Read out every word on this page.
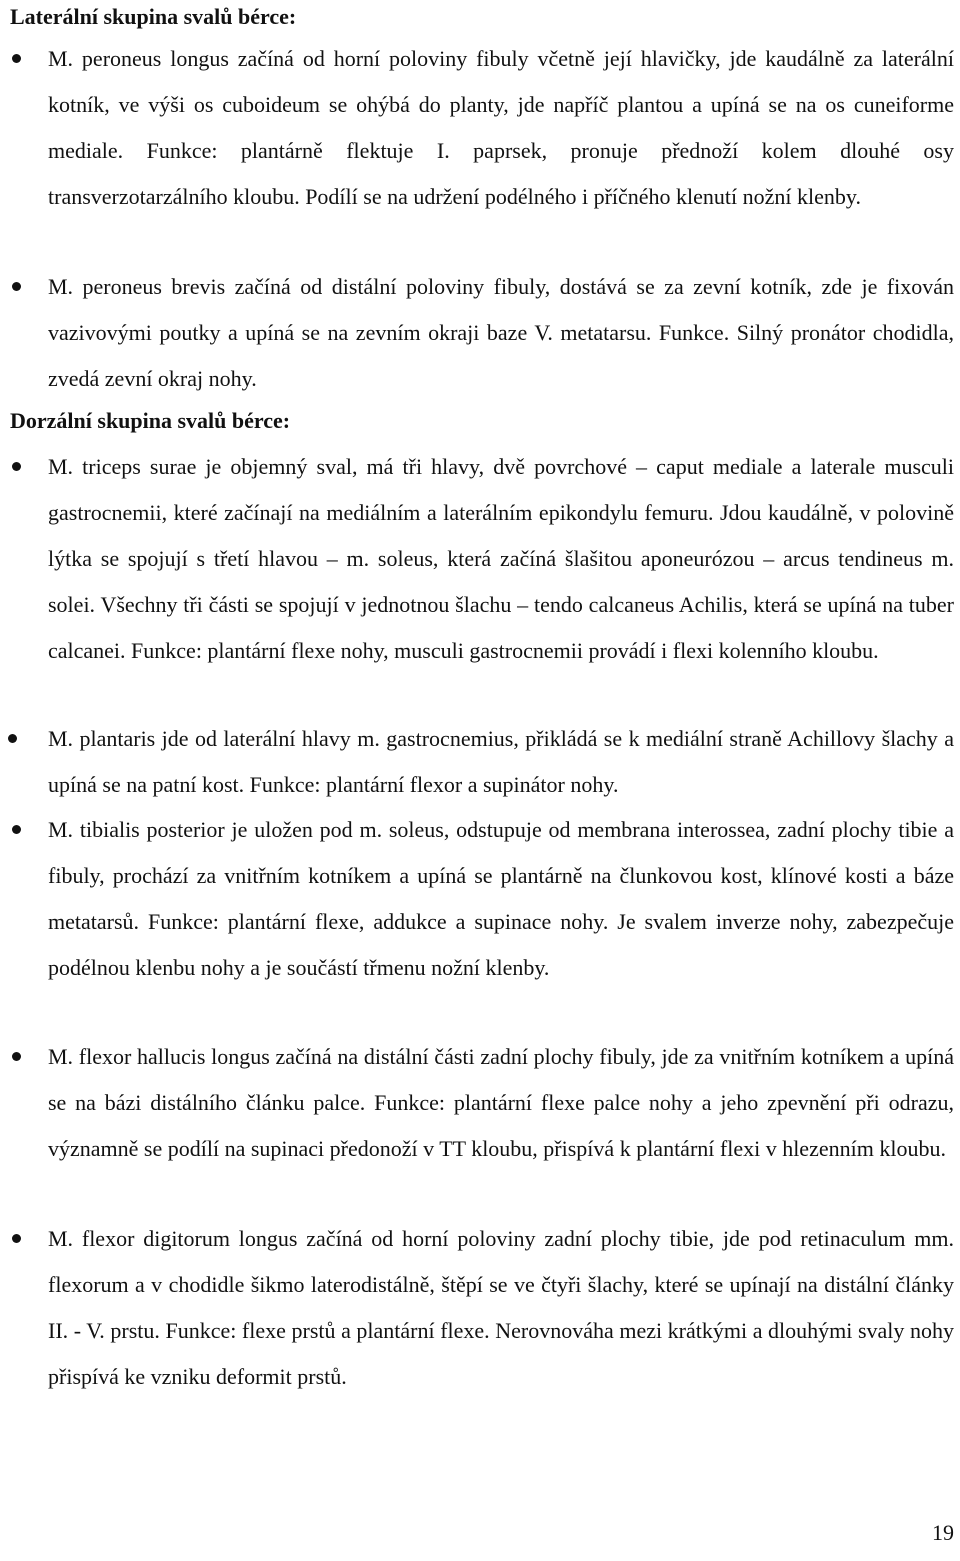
Laterální skupina svalů bérce:
M. peroneus longus začíná od horní poloviny fibuly včetně její hlavičky, jde kaudálně za laterální kotník, ve výši os cuboideum se ohýbá do planty, jde napříč plantou a upíná se na os cuneiforme mediale. Funkce: plantárně flektuje I. paprsek, pronuje přednoží kolem dlouhé osy transverzotarzálního kloubu. Podílí se na udržení podélného i příčného klenutí nožní klenby.
M. peroneus brevis začíná od distální poloviny fibuly, dostává se za zevní kotník, zde je fixován vazivovými poutky a upíná se na zevním okraji baze V. metatarsu. Funkce. Silný pronátor chodidla, zvedá zevní okraj nohy.
Dorzální skupina svalů bérce:
M. triceps surae je objemný sval, má tři hlavy, dvě povrchové – caput mediale a laterale musculi gastrocnemii, které začínají na mediálním a laterálním epikondylu femuru. Jdou kaudálně, v polovině lýtka se spojují s třetí hlavou – m. soleus, která začíná šlašitou aponeurózou – arcus tendineus m. solei. Všechny tři části se spojují v jednotnou šlachu – tendo calcaneus Achilis, která se upíná na tuber calcanei. Funkce: plantární flexe nohy, musculi gastrocnemii provádí i flexi kolenního kloubu.
M. plantaris jde od laterální hlavy m. gastrocnemius, přikládá se k mediální straně Achillovy šlachy a upíná se na patní kost. Funkce: plantární flexor a supinátor nohy.
M. tibialis posterior je uložen pod m. soleus, odstupuje od membrana interossea, zadní plochy tibie a fibuly, prochází za vnitřním kotníkem a upíná se plantárně na člunkovou kost, klínové kosti a báze metatarsů. Funkce: plantární flexe, addukce a supinace nohy. Je svalem inverze nohy, zabezpečuje podélnou klenbu nohy a je součástí třmenu nožní klenby.
M. flexor hallucis longus začíná na distální části zadní plochy fibuly, jde za vnitřním kotníkem a upíná se na bázi distálního článku palce. Funkce: plantární flexe palce nohy a jeho zpevnění při odrazu, významně se podílí na supinaci předonoží v TT kloubu, přispívá k plantární flexi v hlezenním kloubu.
M. flexor digitorum longus začíná od horní poloviny zadní plochy tibie, jde pod retinaculum mm. flexorum a v chodidle šikmo laterodistálně, štěpí se ve čtyři šlachy, které se upínají na distální články II. - V. prstu. Funkce: flexe prstů a plantární flexe. Nerovnováha mezi krátkými a dlouhými svaly nohy přispívá ke vzniku deformit prstů.
19
